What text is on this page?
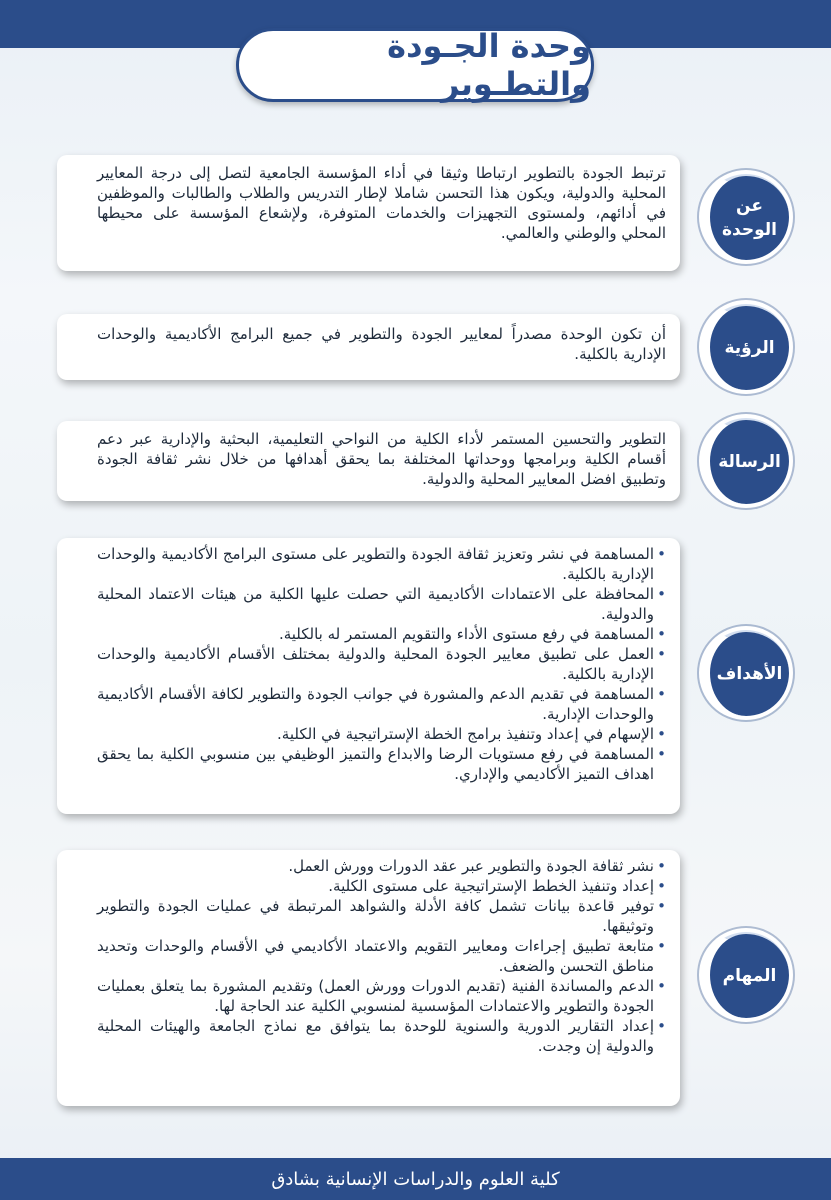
وحدة الجـودة والتطـوير

ترتبط الجودة بالتطوير ارتباطا وثيقا في أداء المؤسسة الجامعية لتصل إلى درجة المعايير المحلية والدولية، ويكون هذا التحسن شاملا لإطار التدريس والطلاب والطالبات والموظفين في أدائهم، ولمستوى التجهيزات والخدمات المتوفرة، ولإشعاع المؤسسة على محيطها المحلي والوطني والعالمي.

عن
الوحدة

أن تكون الوحدة مصدراً لمعايير الجودة والتطوير في جميع البرامج الأكاديمية والوحدات الإدارية بالكلية.	الرؤية

التطوير والتحسين المستمر لأداء الكلية من النواحي التعليمية، البحثية والإدارية عبر دعم أقسام الكلية وبرامجها ووحداتها المختلفة بما يحقق أهدافها من خلال نشر ثقافة الجودة وتطبيق افضل المعايير المحلية والدولية.

الرسالة
• المساهمة في نشر وتعزيز ثقافة الجودة والتطوير على مستوى البرامج الأكاديمية والوحدات الإدارية بالكلية.
• المحافظة على الاعتمادات الأكاديمية التي حصلت عليها الكلية من هيئات الاعتماد المحلية والدولية.
• المساهمة في رفع مستوى الأداء والتقويم المستمر له بالكلية.
• العمل على تطبيق معايير الجودة المحلية والدولية بمختلف الأقسام الأكاديمية والوحدات الإدارية بالكلية.
• المساهمة في تقديم الدعم والمشورة في جوانب الجودة والتطوير لكافة الأقسام الأكاديمية والوحدات الإدارية.
• الإسهام في إعداد وتنفيذ برامج الخطة الإستراتيجية في الكلية.
• المساهمة في رفع مستويات الرضا والابداع والتميز الوظيفي بين منسوبي الكلية بما يحقق اهداف التميز الأكاديمي والإداري.
الأهداف
• نشر ثقافة الجودة والتطوير عبر عقد الدورات وورش العمل.
• إعداد وتنفيذ الخطط الإستراتيجية على مستوى الكلية.
• توفير قاعدة بيانات تشمل كافة الأدلة والشواهد المرتبطة في عمليات الجودة والتطوير وتوثيقها.
• متابعة تطبيق إجراءات ومعايير التقويم والاعتماد الأكاديمي في الأقسام والوحدات وتحديد مناطق التحسن والضعف.
• الدعم والمساندة الفنية (تقديم الدورات وورش العمل) وتقديم المشورة بما يتعلق بعمليات الجودة والتطوير والاعتمادات المؤسسية لمنسوبي الكلية عند الحاجة لها.
• إعداد التقارير الدورية والسنوية للوحدة بما يتوافق مع نماذج الجامعة والهيئات المحلية والدولية إن وجدت.
المهام
كلية العلوم والدراسات الإنسانية بشادق
